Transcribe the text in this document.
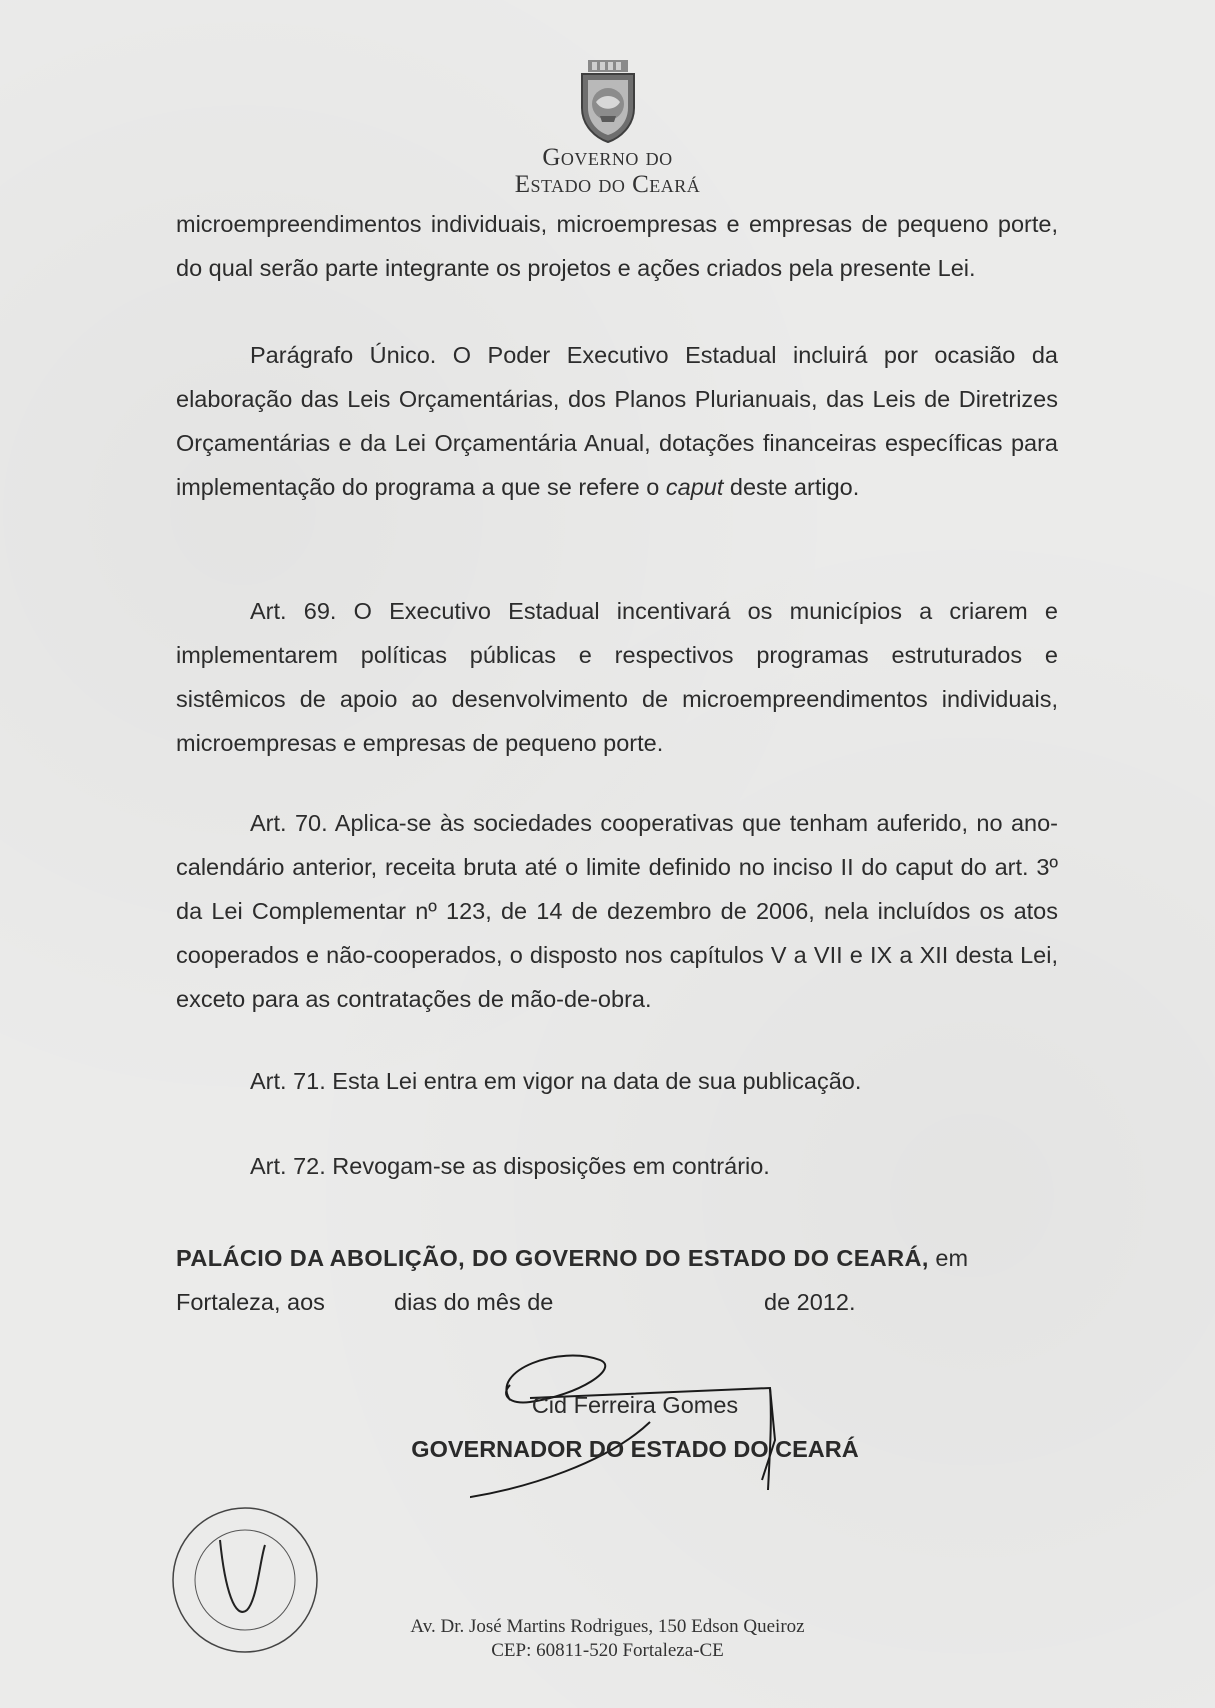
Governo do
Estado do Ceará

microempreendimentos individuais, microempresas e empresas de pequeno porte, do qual serão parte integrante os projetos e ações criados pela presente Lei.

Parágrafo Único. O Poder Executivo Estadual incluirá por ocasião da elaboração das Leis Orçamentárias, dos Planos Plurianuais, das Leis de Diretrizes Orçamentárias e da Lei Orçamentária Anual, dotações financeiras específicas para implementação do programa a que se refere o caput deste artigo.

Art. 69. O Executivo Estadual incentivará os municípios a criarem e implementarem políticas públicas e respectivos programas estruturados e sistêmicos de apoio ao desenvolvimento de microempreendimentos individuais, microempresas e empresas de pequeno porte.

Art. 70. Aplica-se às sociedades cooperativas que tenham auferido, no ano-calendário anterior, receita bruta até o limite definido no inciso II do caput do art. 3º da Lei Complementar nº 123, de 14 de dezembro de 2006, nela incluídos os atos cooperados e não-cooperados, o disposto nos capítulos V a VII e IX a XII desta Lei, exceto para as contratações de mão-de-obra.

Art. 71. Esta Lei entra em vigor na data de sua publicação.

Art. 72. Revogam-se as disposições em contrário.

PALÁCIO DA ABOLIÇÃO, DO GOVERNO DO ESTADO DO CEARÁ, em

Fortaleza, aos	dias do mês de	de 2012.
Cid Ferreira Gomes
GOVERNADOR DO ESTADO DO CEARÁ
Av. Dr. José Martins Rodrigues, 150 Edson Queiroz
CEP: 60811-520 Fortaleza-CE
